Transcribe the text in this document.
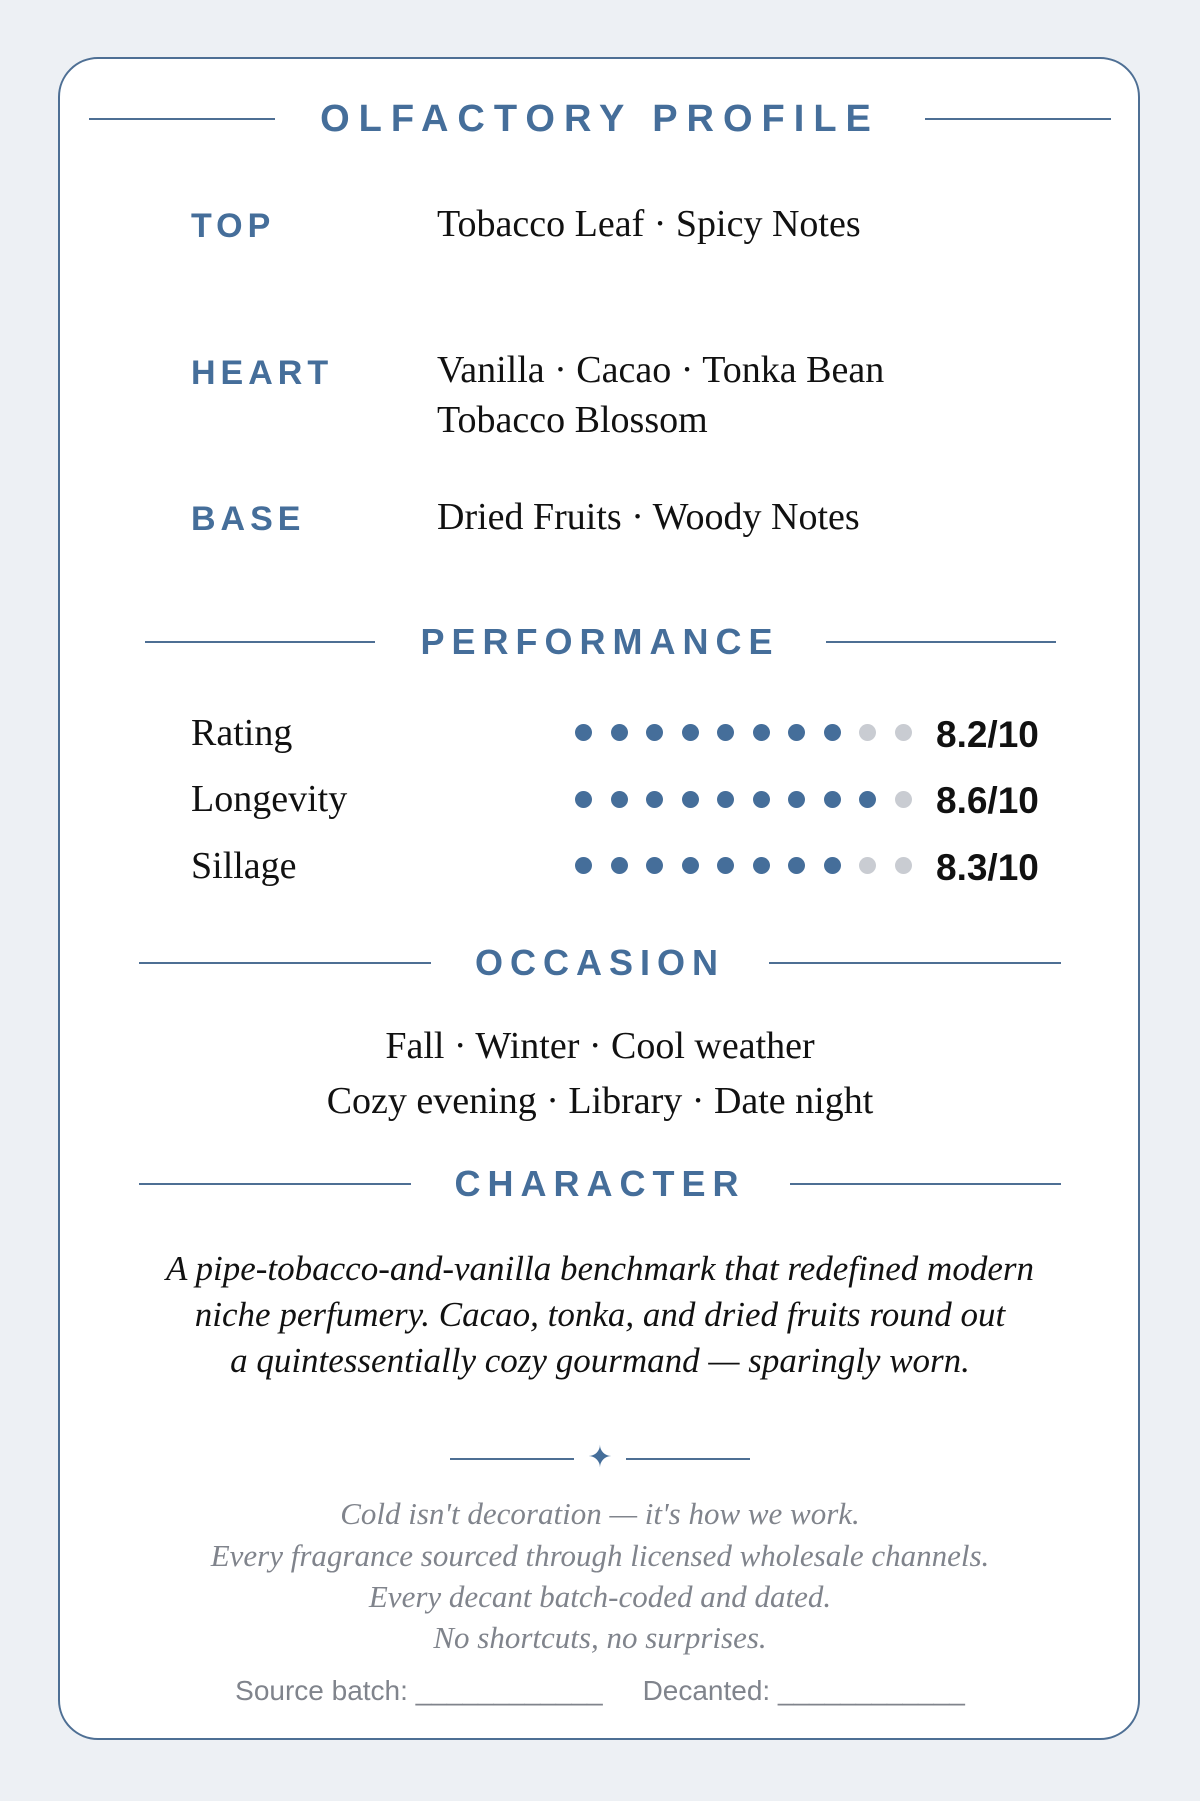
OLFACTORY PROFILE
TOP	Tobacco Leaf · Spicy Notes
HEART	Vanilla · Cacao · Tonka Bean
Tobacco Blossom
BASE	Dried Fruits · Woody Notes
PERFORMANCE
Rating	8.2/10
Longevity	8.6/10
Sillage	8.3/10
OCCASION
Fall · Winter · Cool weather
Cozy evening · Library · Date night
CHARACTER
A pipe-tobacco-and-vanilla benchmark that redefined modern
niche perfumery. Cacao, tonka, and dried fruits round out
a quintessentially cozy gourmand — sparingly worn.
✦
Cold isn't decoration — it's how we work.
Every fragrance sourced through licensed wholesale channels.
Every decant batch-coded and dated.
No shortcuts, no surprises.
Source batch: ____________ Decanted: ____________
